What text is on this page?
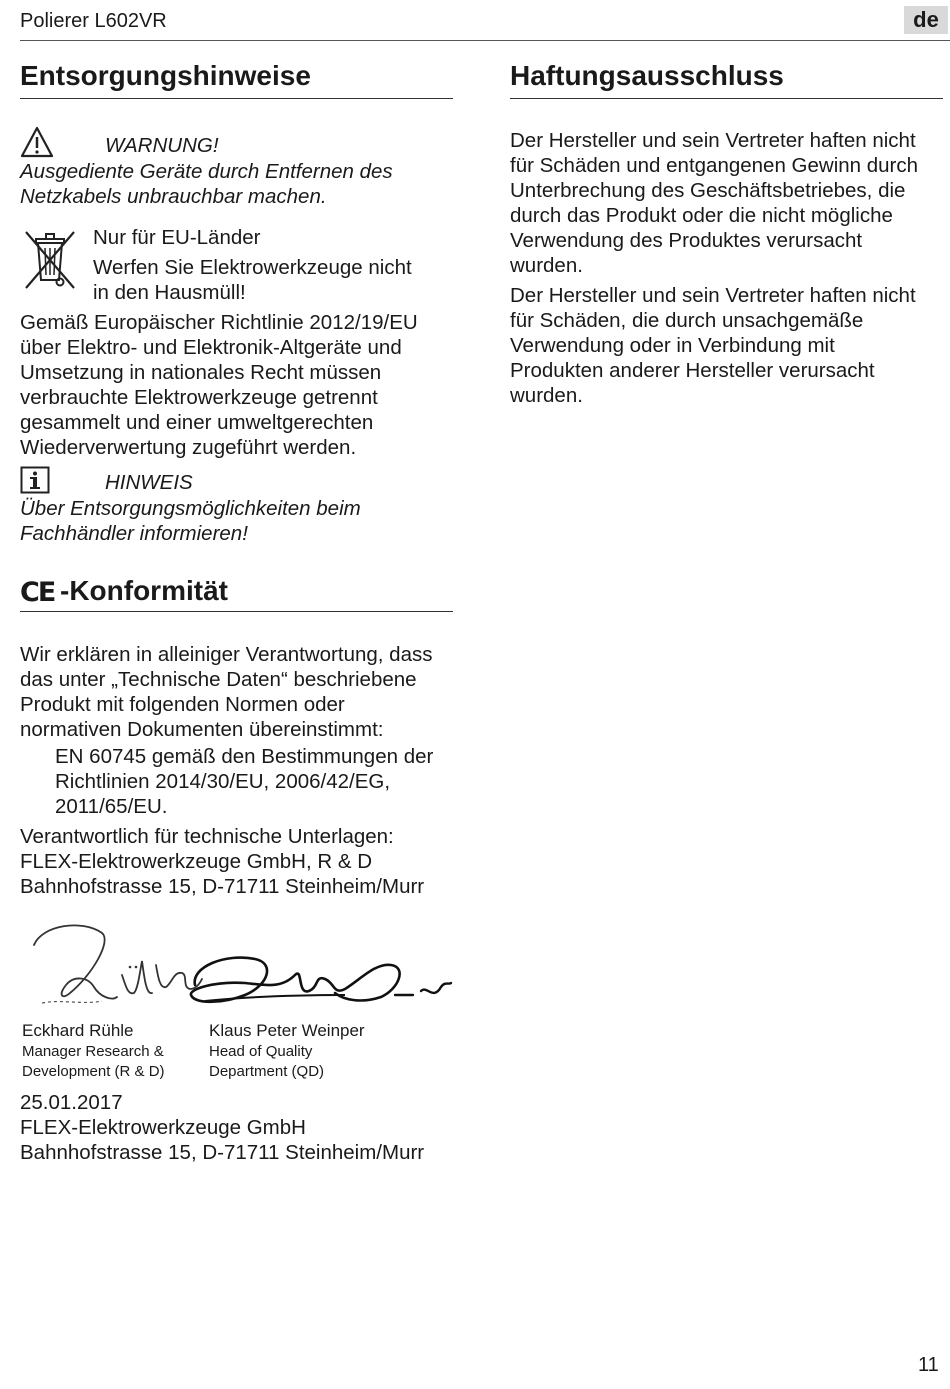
Polierer L602VR	de
Entsorgungshinweise
WARNUNG!

Ausgediente Geräte durch Entfernen des

Netzkabels unbrauchbar machen.

Nur für EU-Länder

Werfen Sie Elektrowerkzeuge nicht

in den Hausmüll!

Gemäß Europäischer Richtlinie 2012/19/EU

über Elektro- und Elektronik-Altgeräte und

Umsetzung in nationales Recht müssen

verbrauchte Elektrowerkzeuge getrennt

gesammelt und einer umweltgerechten

Wiederverwertung zugeführt werden.

HINWEIS

Über Entsorgungsmöglichkeiten beim

Fachhändler informieren!

CE -Konformität

Wir erklären in alleiniger Verantwortung, dass

das unter „Technische Daten“ beschriebene

Produkt mit folgenden Normen oder

normativen Dokumenten übereinstimmt:

EN 60745 gemäß den Bestimmungen der

Richtlinien 2014/30/EU, 2006/42/EG,

2011/65/EU.

Verantwortlich für technische Unterlagen:

FLEX-Elektrowerkzeuge GmbH, R & D

Bahnhofstrasse 15, D-71711 Steinheim/Murr

Eckhard Rühle
Manager Research &
Development (R & D)
Klaus Peter Weinper
Head of Quality
Department (QD)

25.01.2017

FLEX-Elektrowerkzeuge GmbH

Bahnhofstrasse 15, D-71711 Steinheim/Murr

Haftungsausschluss

Der Hersteller und sein Vertreter haften nicht

für Schäden und entgangenen Gewinn durch

Unterbrechung des Geschäftsbetriebes, die

durch das Produkt oder die nicht mögliche

Verwendung des Produktes verursacht

wurden.

Der Hersteller und sein Vertreter haften nicht

für Schäden, die durch unsachgemäße

Verwendung oder in Verbindung mit

Produkten anderer Hersteller verursacht

wurden.

11
